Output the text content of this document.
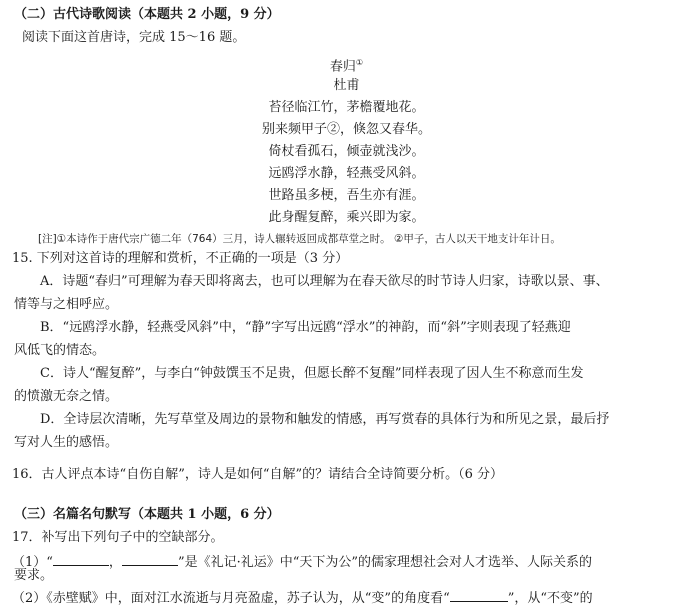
（二）古代诗歌阅读（本题共 2 小题，9 分）
阅读下面这首唐诗，完成 15～16 题。
春归①
杜甫
苔径临江竹，茅檐覆地花。
别来频甲子②，倏忽又春华。
倚杖看孤石，倾壶就浅沙。
远鸥浮水静，轻燕受风斜。
世路虽多梗，吾生亦有涯。
此身醒复醉，乘兴即为家。
[注]①本诗作于唐代宗广德二年（764）三月，诗人辗转返回成都草堂之时。 ②甲子，古人以天干地支计年计日。
15. 下列对这首诗的理解和赏析，不正确的一项是（3 分）
A．诗题“春归”可理解为春天即将离去，也可以理解为在春天欲尽的时节诗人归家，诗歌以景、事、
情等与之相呼应。
B．“远鸥浮水静，轻燕受风斜”中，“静”字写出远鸥“浮水”的神韵，而“斜”字则表现了轻燕迎
风低飞的情态。
C．诗人“醒复醉”，与李白“钟鼓馔玉不足贵，但愿长醉不复醒”同样表现了因人生不称意而生发
的愤激无奈之情。
D．全诗层次清晰，先写草堂及周边的景物和触发的情感，再写赏春的具体行为和所见之景，最后抒
写对人生的感悟。
16．古人评点本诗“自伤自解”，诗人是如何“自解”的？请结合全诗简要分析。（6 分）
（三）名篇名句默写（本题共 1 小题，6 分）
17．补写出下列句子中的空缺部分。
（1）“	，	”是《礼记·礼运》中“天下为公”的儒家理想社会对人才选举、人际关系的
要求。
（2）《赤壁赋》中，面对江水流逝与月亮盈虚，苏子认为，从“变”的角度看“	”，从“不变”的
